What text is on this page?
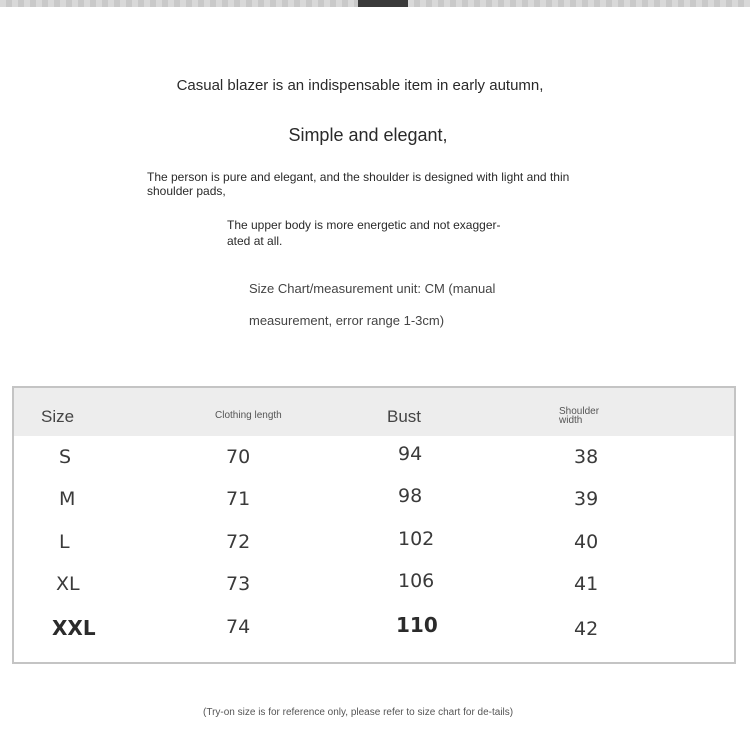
Casual blazer is an indispensable item in early autumn,
Simple and elegant,
The person is pure and elegant, and the shoulder is designed with light and thin shoulder pads,
The upper body is more energetic and not exagger-ated at all.
Size Chart/measurement unit: CM (manual
measurement, error range 1-3cm)
Size	Clothing length	Bust	Shoulder width
S	70	94	38
M	71	98	39
L	72	102	40
XL	73	106	41
XXL	74	110	42
(Try-on size is for reference only, please refer to size chart for de-tails)
